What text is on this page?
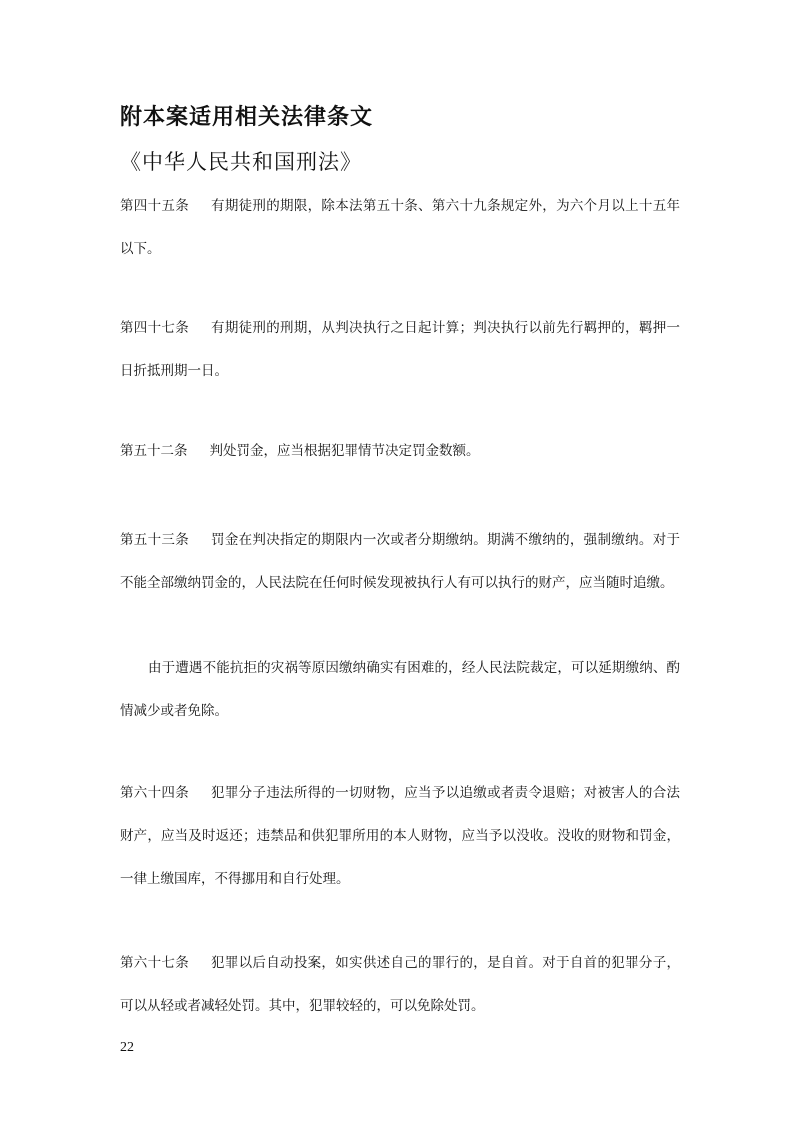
附本案适用相关法律条文
《中华人民共和国刑法》

第四十五条 有期徒刑的期限，除本法第五十条、第六十九条规定外，为六个月以上十五年以下。

第四十七条 有期徒刑的刑期，从判决执行之日起计算；判决执行以前先行羁押的，羁押一日折抵刑期一日。

第五十二条 判处罚金，应当根据犯罪情节决定罚金数额。

第五十三条 罚金在判决指定的期限内一次或者分期缴纳。期满不缴纳的，强制缴纳。对于不能全部缴纳罚金的，人民法院在任何时候发现被执行人有可以执行的财产，应当随时追缴。

由于遭遇不能抗拒的灾祸等原因缴纳确实有困难的，经人民法院裁定，可以延期缴纳、酌情减少或者免除。

第六十四条 犯罪分子违法所得的一切财物，应当予以追缴或者责令退赔；对被害人的合法财产，应当及时返还；违禁品和供犯罪所用的本人财物，应当予以没收。没收的财物和罚金，一律上缴国库，不得挪用和自行处理。

第六十七条 犯罪以后自动投案，如实供述自己的罪行的，是自首。对于自首的犯罪分子，可以从轻或者减轻处罚。其中，犯罪较轻的，可以免除处罚。

22
